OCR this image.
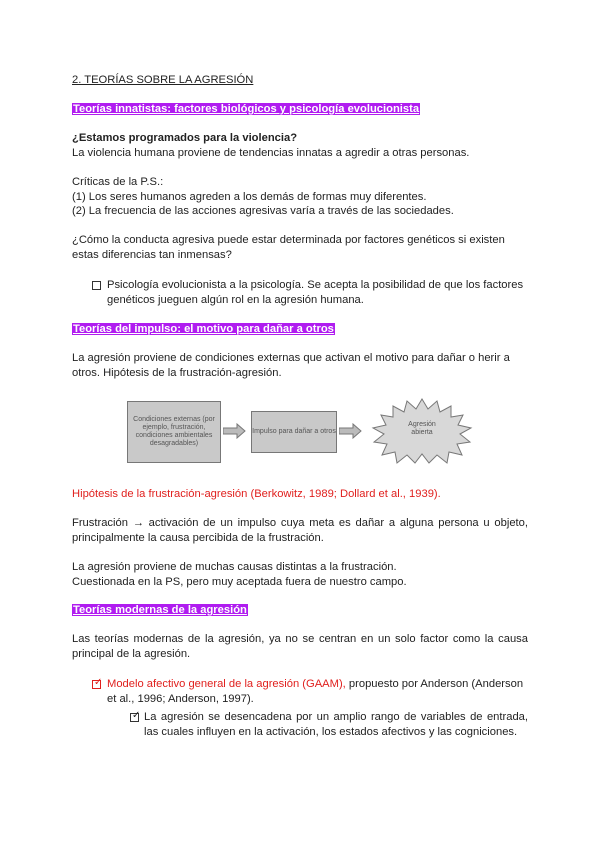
2. TEORÍAS SOBRE LA AGRESIÓN

Teorías innatistas: factores biológicos y psicología evolucionista

¿Estamos programados para la violencia?

La violencia humana proviene de tendencias innatas a agredir a otras personas.

Críticas de la P.S.:

(1) Los seres humanos agreden a los demás de formas muy diferentes.

(2) La frecuencia de las acciones agresivas varía a través de las sociedades.

¿Cómo la conducta agresiva puede estar determinada por factores genéticos si existen estas diferencias tan inmensas?

Psicología evolucionista a la psicología. Se acepta la posibilidad de que los factores genéticos jueguen algún rol en la agresión humana.

Teorías del impulso: el motivo para dañar a otros

La agresión proviene de condiciones externas que activan el motivo para dañar o herir a otros. Hipótesis de la frustración-agresión.

Condiciones externas (por ejemplo, frustración, condiciones ambientales desagradables)
Impulso para dañar a otros
Agresión abierta

Hipótesis de la frustración-agresión (Berkowitz, 1989; Dollard et al., 1939).

Frustración → activación de un impulso cuya meta es dañar a alguna persona u objeto, principalmente la causa percibida de la frustración.

La agresión proviene de muchas causas distintas a la frustración.

Cuestionada en la PS, pero muy aceptada fuera de nuestro campo.

Teorías modernas de la agresión

Las teorías modernas de la agresión, ya no se centran en un solo factor como la causa principal de la agresión.

✓ Modelo afectivo general de la agresión (GAAM), propuesto por Anderson (Anderson et al., 1996; Anderson, 1997).

✓ La agresión se desencadena por un amplio rango de variables de entrada, las cuales influyen en la activación, los estados afectivos y las cogniciones.
